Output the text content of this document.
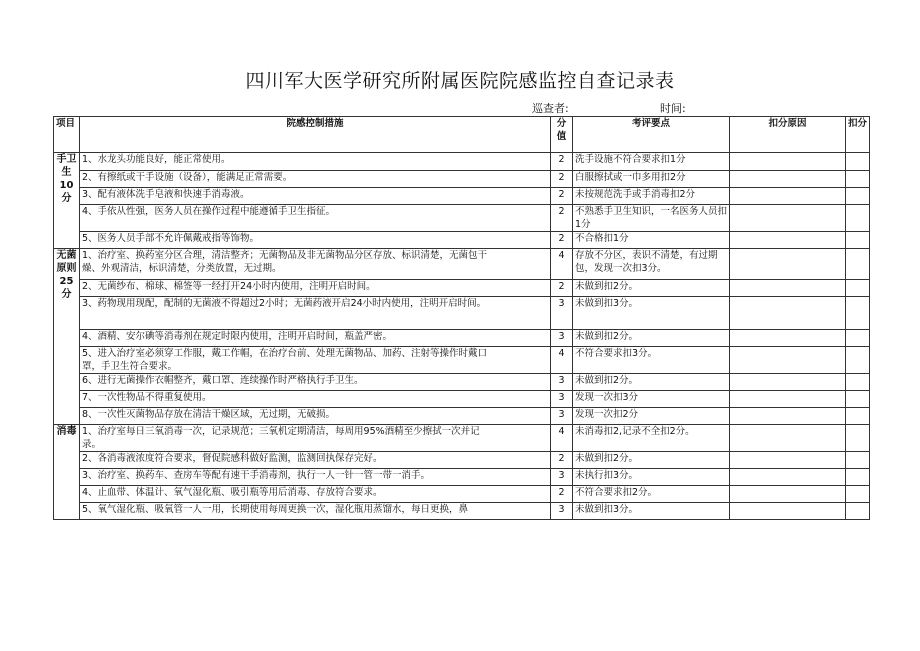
四川军大医学研究所附属医院院感监控自查记录表
巡查者:	时间:
项目	院感控制措施	分值	考评要点	扣分原因	扣分

手卫
生10
分	1、水龙头功能良好，能正常使用。	2	洗手设施不符合要求扣1分		
	2、有擦纸或干手设施（设备），能满足正常需要。	2	白服擦拭或一巾多用扣2分		
	3、配有液体洗手皂液和快速手消毒液。	2	未按规范洗手或手消毒扣2分		
	4、手依从性强，医务人员在操作过程中能遵循手卫生指征。	2	不熟悉手卫生知识，一名医务人员扣
1分		
	5、医务人员手部不允许佩戴戒指等饰物。	2	不合格扣1分		
无菌
原则
25分	1、治疗室、换药室分区合理，清洁整齐；无菌物品及非无菌物品分区存放、标识清楚，无菌包干
燥、外观清洁，标识清楚，分类放置，无过期。	4	存放不分区，表识不清楚，有过期
包，发现一次扣3分。		
	2、无菌纱布、棉球、棉签等一经打开24小时内使用，注明开启时间。	2	未做到扣2分。		
	3、药物现用现配，配制的无菌液不得超过2小时；无菌药液开启24小时内使用，注明开启时间。	3	未做到扣3分。		
	4、酒精、安尔碘等消毒剂在规定时限内使用，注明开启时间，瓶盖严密。	3	未做到扣2分。		
	5、进入治疗室必须穿工作服，戴工作帽，在治疗台前、处理无菌物品、加药、注射等操作时戴口
罩，手卫生符合要求。	4	不符合要求扣3分。		
	6、进行无菌操作衣帽整齐，戴口罩、连续操作时严格执行手卫生。	3	未做到扣2分。		
	7、一次性物品不得重复使用。	3	发现一次扣3分		
	8、一次性灭菌物品存放在清洁干燥区域，无过期，无破损。	3	发现一次扣2分		
消毒	1、治疗室每日三氧消毒一次，记录规范；三氧机定期清洁，每周用95%酒精至少擦拭一次并记
录。	4	未消毒扣2,记录不全扣2分。		
	2、各消毒液浓度符合要求，督促院感科做好监测，监测回执保存完好。	2	未做到扣2分。		
	3、治疗室、换药车、查房车等配有速干手消毒剂，执行一人一针一管一带一消手。	3	未执行扣3分。		
	4、止血带、体温计、氧气湿化瓶、吸引瓶等用后消毒、存放符合要求。	2	不符合要求扣2分。		
	5、氧气湿化瓶、吸氧管一人一用，长期使用每周更换一次，湿化瓶用蒸馏水，每日更换，鼻	3	未做到扣3分。		
